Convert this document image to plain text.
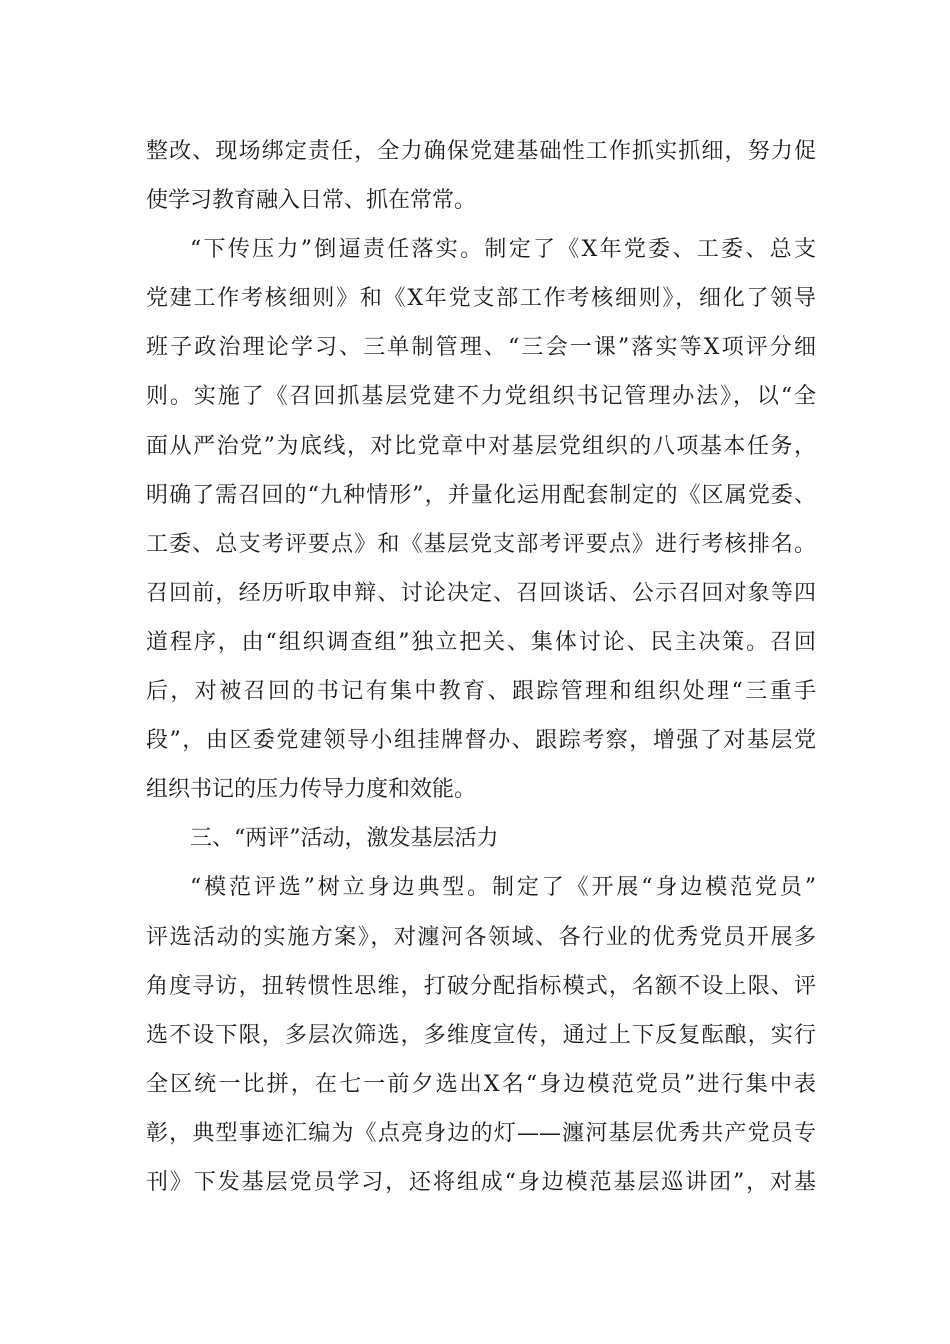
整改、现场绑定责任，全力确保党建基础性工作抓实抓细，努力促
使学习教育融入日常、抓在常常。
“下传压力”倒逼责任落实。制定了《X年党委、工委、总支
党建工作考核细则》和《X年党支部工作考核细则》，细化了领导
班子政治理论学习、三单制管理、“三会一课”落实等X项评分细
则。实施了《召回抓基层党建不力党组织书记管理办法》，以“全
面从严治党”为底线，对比党章中对基层党组织的八项基本任务，
明确了需召回的“九种情形”，并量化运用配套制定的《区属党委、
工委、总支考评要点》和《基层党支部考评要点》进行考核排名。
召回前，经历听取申辩、讨论决定、召回谈话、公示召回对象等四
道程序，由“组织调查组”独立把关、集体讨论、民主决策。召回
后，对被召回的书记有集中教育、跟踪管理和组织处理“三重手
段”，由区委党建领导小组挂牌督办、跟踪考察，增强了对基层党
组织书记的压力传导力度和效能。
三、“两评”活动，激发基层活力
“模范评选”树立身边典型。制定了《开展“身边模范党员”
评选活动的实施方案》，对瀍河各领域、各行业的优秀党员开展多
角度寻访，扭转惯性思维，打破分配指标模式，名额不设上限、评
选不设下限，多层次筛选，多维度宣传，通过上下反复酝酿，实行
全区统一比拼，在七一前夕选出X名“身边模范党员”进行集中表
彰，典型事迹汇编为《点亮身边的灯——瀍河基层优秀共产党员专
刊》下发基层党员学习，还将组成“身边模范基层巡讲团”，对基
